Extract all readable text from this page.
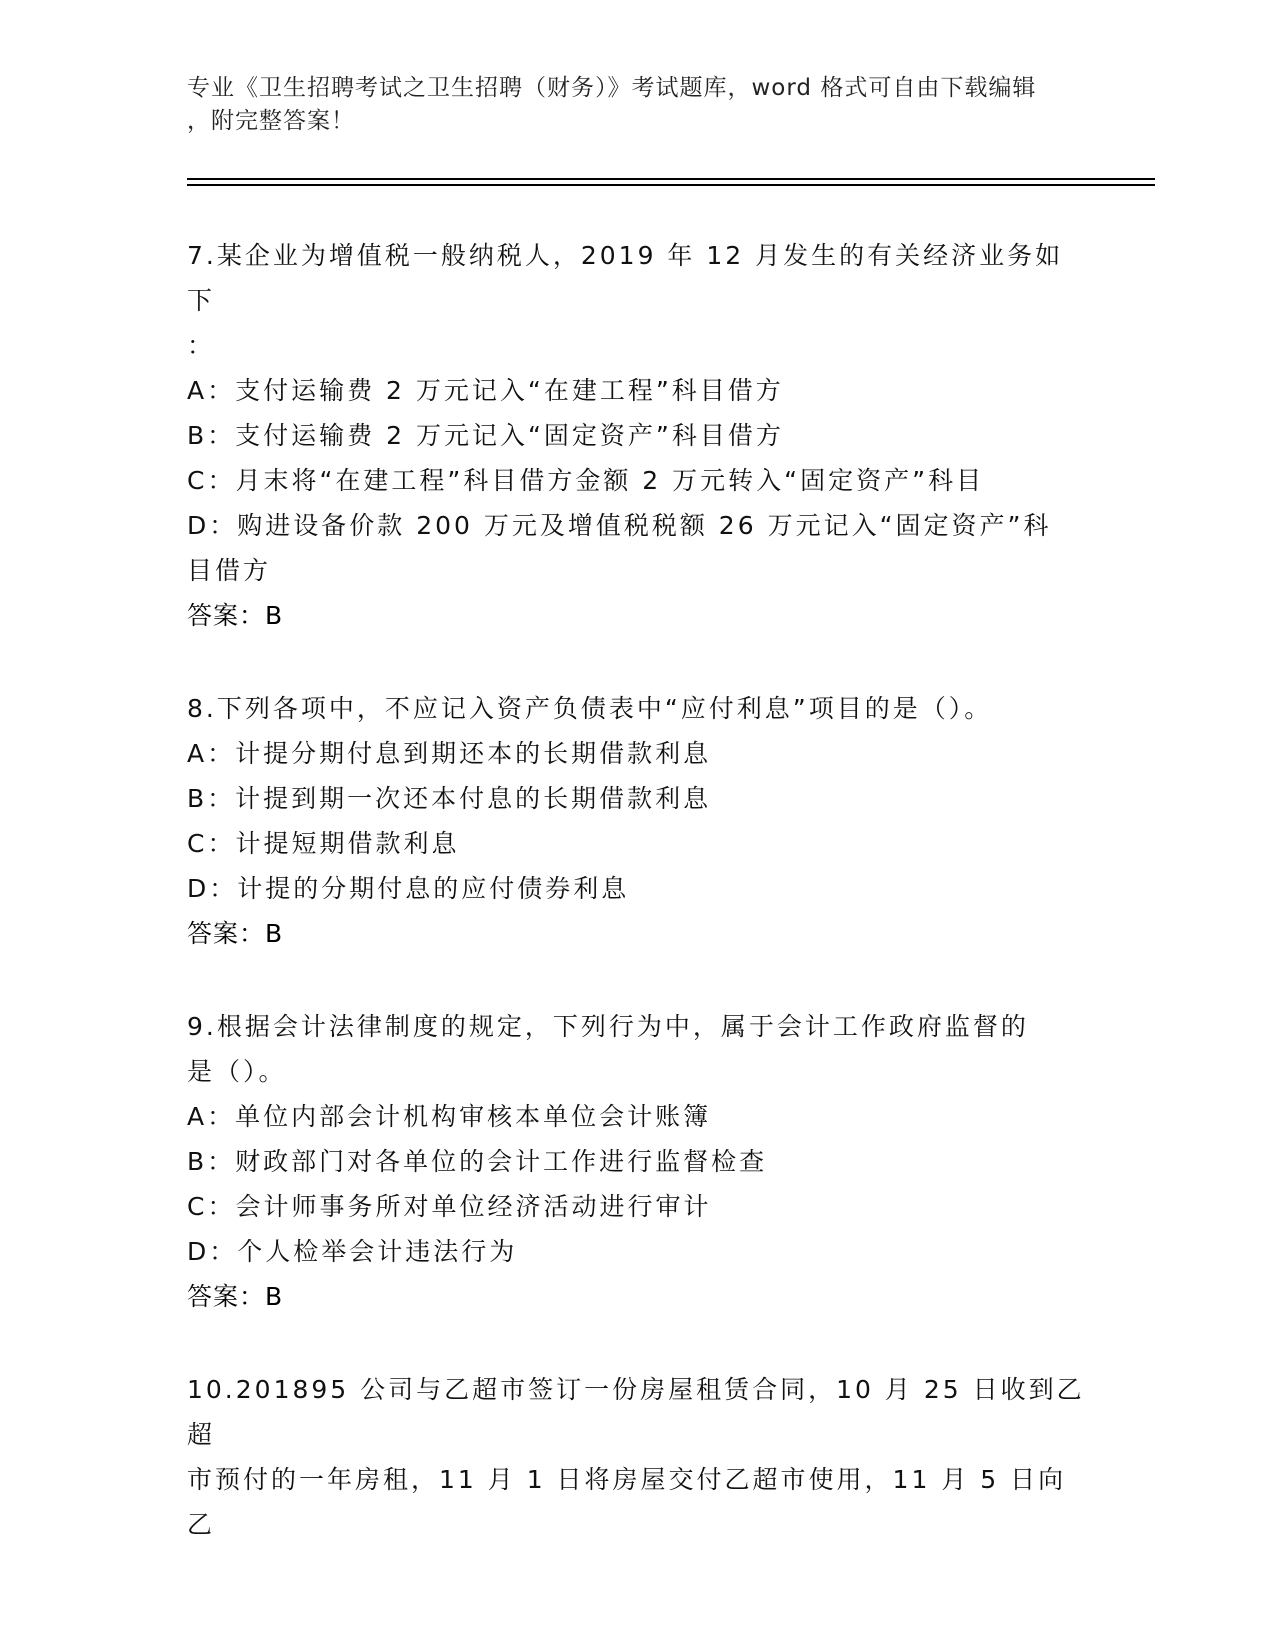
专业《卫生招聘考试之卫生招聘（财务）》考试题库，word 格式可自由下载编辑
，附完整答案！

7.某企业为增值税一般纳税人，2019 年 12 月发生的有关经济业务如下

：

A：支付运输费 2 万元记入“在建工程”科目借方

B：支付运输费 2 万元记入“固定资产”科目借方

C：月末将“在建工程”科目借方金额 2 万元转入“固定资产”科目

D：购进设备价款 200 万元及增值税税额 26 万元记入“固定资产”科

目借方

答案：B

8.下列各项中，不应记入资产负债表中“应付利息”项目的是（）。

A：计提分期付息到期还本的长期借款利息

B：计提到期一次还本付息的长期借款利息

C：计提短期借款利息

D：计提的分期付息的应付债券利息

答案：B

9.根据会计法律制度的规定，下列行为中，属于会计工作政府监督的

是（）。

A：单位内部会计机构审核本单位会计账簿

B：财政部门对各单位的会计工作进行监督检查

C：会计师事务所对单位经济活动进行审计

D：个人检举会计违法行为

答案：B

10.201895 公司与乙超市签订一份房屋租赁合同，10 月 25 日收到乙超

市预付的一年房租，11 月 1 日将房屋交付乙超市使用，11 月 5 日向乙
